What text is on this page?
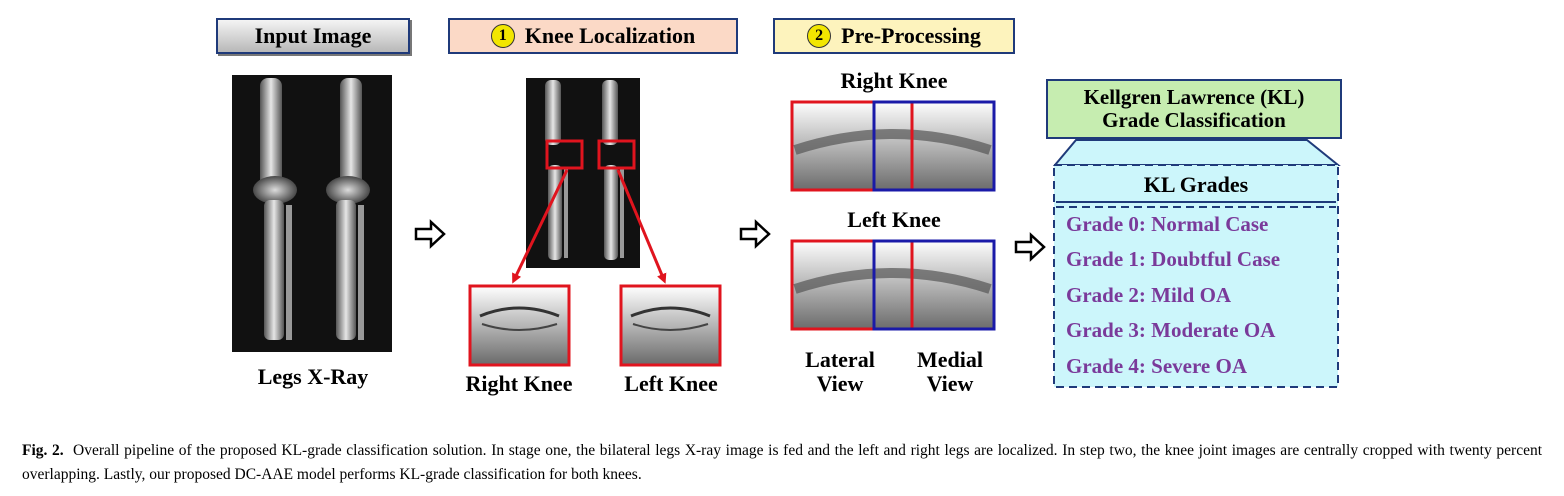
Input Image
Legs X-Ray
1 Knee Localization
Right Knee	Left Knee
2 Pre-Processing
Right Knee
Left Knee
Lateral
View
Medial
View
Kellgren Lawrence (KL)
Grade Classification
KL Grades
Grade 0: Normal Case
Grade 1: Doubtful Case
Grade 2: Mild OA
Grade 3: Moderate OA
Grade 4: Severe OA
Fig. 2. Overall pipeline of the proposed KL-grade classification solution. In stage one, the bilateral legs X-ray image is fed and the left and right legs are localized. In step two, the knee joint images are centrally cropped with twenty percent overlapping. Lastly, our proposed DC-AAE model performs KL-grade classification for both knees.
